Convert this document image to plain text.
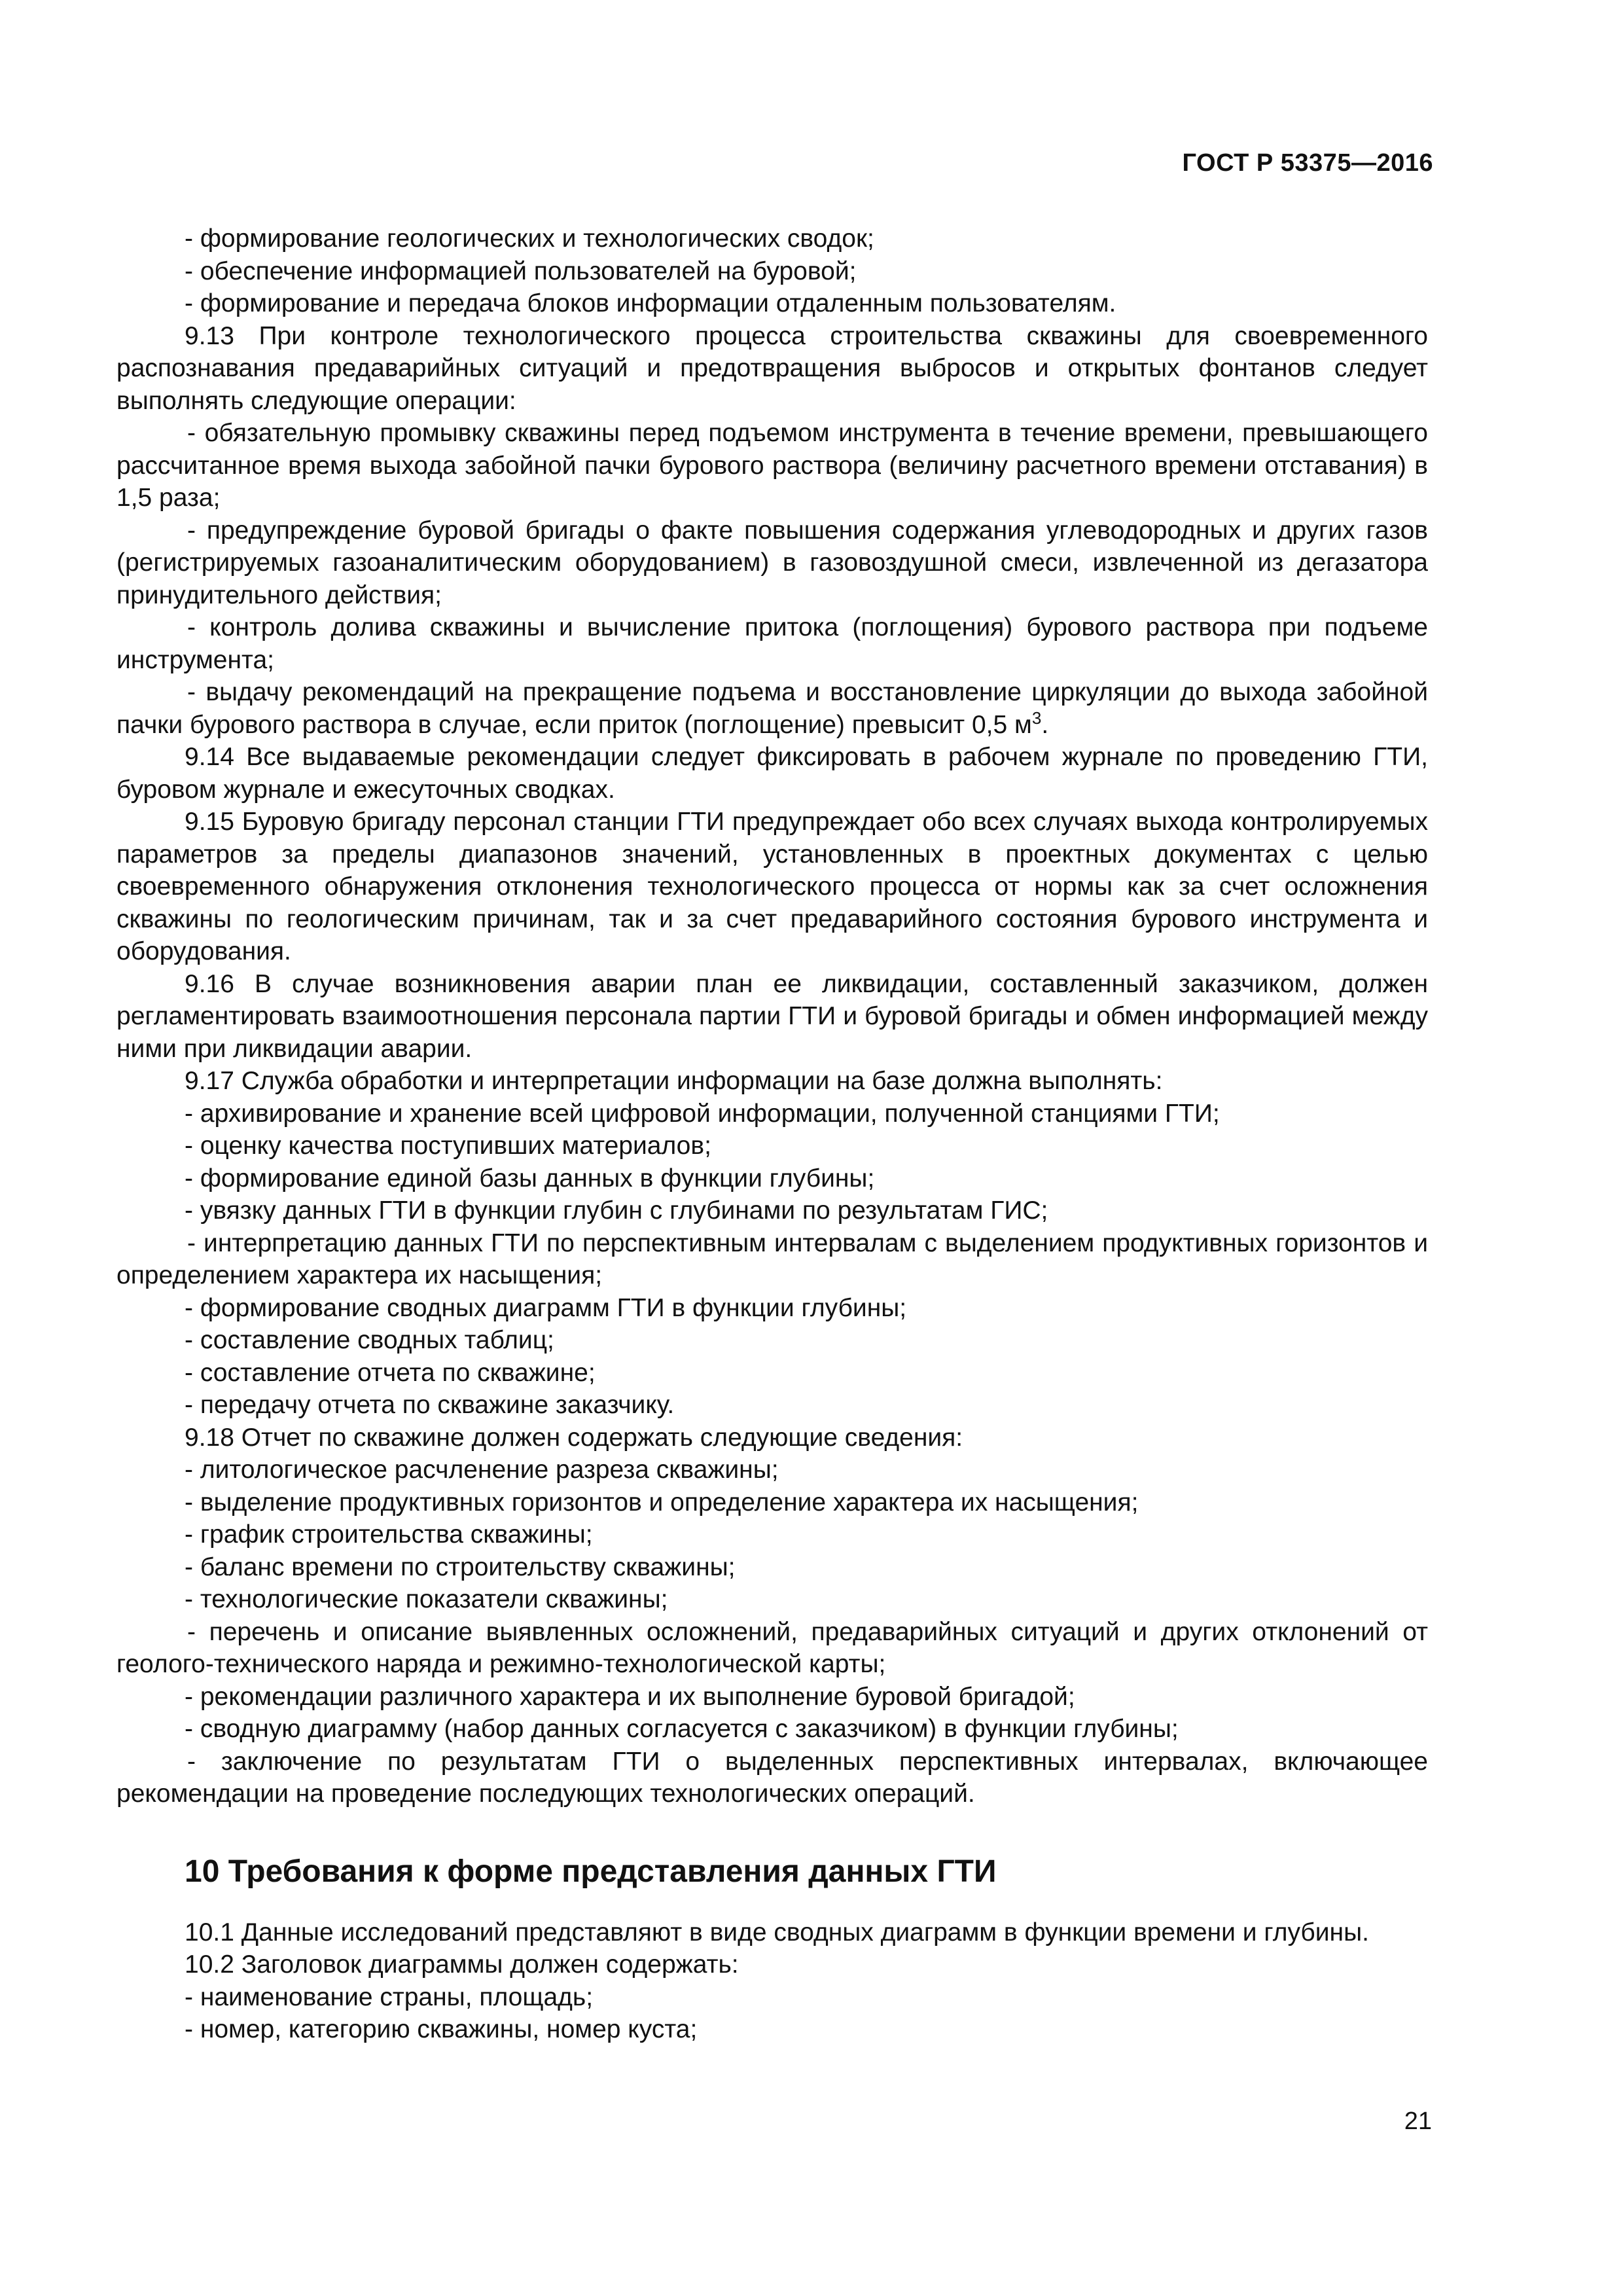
ГОСТ Р 53375—2016

- формирование геологических и технологических сводок;

- обеспечение информацией пользователей на буровой;

- формирование и передача блоков информации отдаленным пользователям.

9.13 При контроле технологического процесса строительства скважины для своевременного распознавания предаварийных ситуаций и предотвращения выбросов и открытых фонтанов следует выполнять следующие операции:

- обязательную промывку скважины перед подъемом инструмента в течение времени, превышающего рассчитанное время выхода забойной пачки бурового раствора (величину расчетного времени отставания) в 1,5 раза;

- предупреждение буровой бригады о факте повышения содержания углеводородных и других газов (регистрируемых газоаналитическим оборудованием) в газовоздушной смеси, извлеченной из дегазатора принудительного действия;

- контроль долива скважины и вычисление притока (поглощения) бурового раствора при подъеме инструмента;

- выдачу рекомендаций на прекращение подъема и восстановление циркуляции до выхода забойной пачки бурового раствора в случае, если приток (поглощение) превысит 0,5 $м^3$.

9.14 Все выдаваемые рекомендации следует фиксировать в рабочем журнале по проведению ГТИ, буровом журнале и ежесуточных сводках.

9.15 Буровую бригаду персонал станции ГТИ предупреждает обо всех случаях выхода контролируемых параметров за пределы диапазонов значений, установленных в проектных документах с целью своевременного обнаружения отклонения технологического процесса от нормы как за счет осложнения скважины по геологическим причинам, так и за счет предаварийного состояния бурового инструмента и оборудования.

9.16 В случае возникновения аварии план ее ликвидации, составленный заказчиком, должен регламентировать взаимоотношения персонала партии ГТИ и буровой бригады и обмен информацией между ними при ликвидации аварии.

9.17 Служба обработки и интерпретации информации на базе должна выполнять:

- архивирование и хранение всей цифровой информации, полученной станциями ГТИ;

- оценку качества поступивших материалов;

- формирование единой базы данных в функции глубины;

- увязку данных ГТИ в функции глубин с глубинами по результатам ГИС;

- интерпретацию данных ГТИ по перспективным интервалам с выделением продуктивных горизонтов и определением характера их насыщения;

- формирование сводных диаграмм ГТИ в функции глубины;

- составление сводных таблиц;

- составление отчета по скважине;

- передачу отчета по скважине заказчику.

9.18 Отчет по скважине должен содержать следующие сведения:

- литологическое расчленение разреза скважины;

- выделение продуктивных горизонтов и определение характера их насыщения;

- график строительства скважины;

- баланс времени по строительству скважины;

- технологические показатели скважины;

- перечень и описание выявленных осложнений, предаварийных ситуаций и других отклонений от геолого-технического наряда и режимно-технологической карты;

- рекомендации различного характера и их выполнение буровой бригадой;

- сводную диаграмму (набор данных согласуется с заказчиком) в функции глубины;

- заключение по результатам ГТИ о выделенных перспективных интервалах, включающее рекомендации на проведение последующих технологических операций.

10 Требования к форме представления данных ГТИ

10.1 Данные исследований представляют в виде сводных диаграмм в функции времени и глубины.

10.2 Заголовок диаграммы должен содержать:

- наименование страны, площадь;

- номер, категорию скважины, номер куста;

21
